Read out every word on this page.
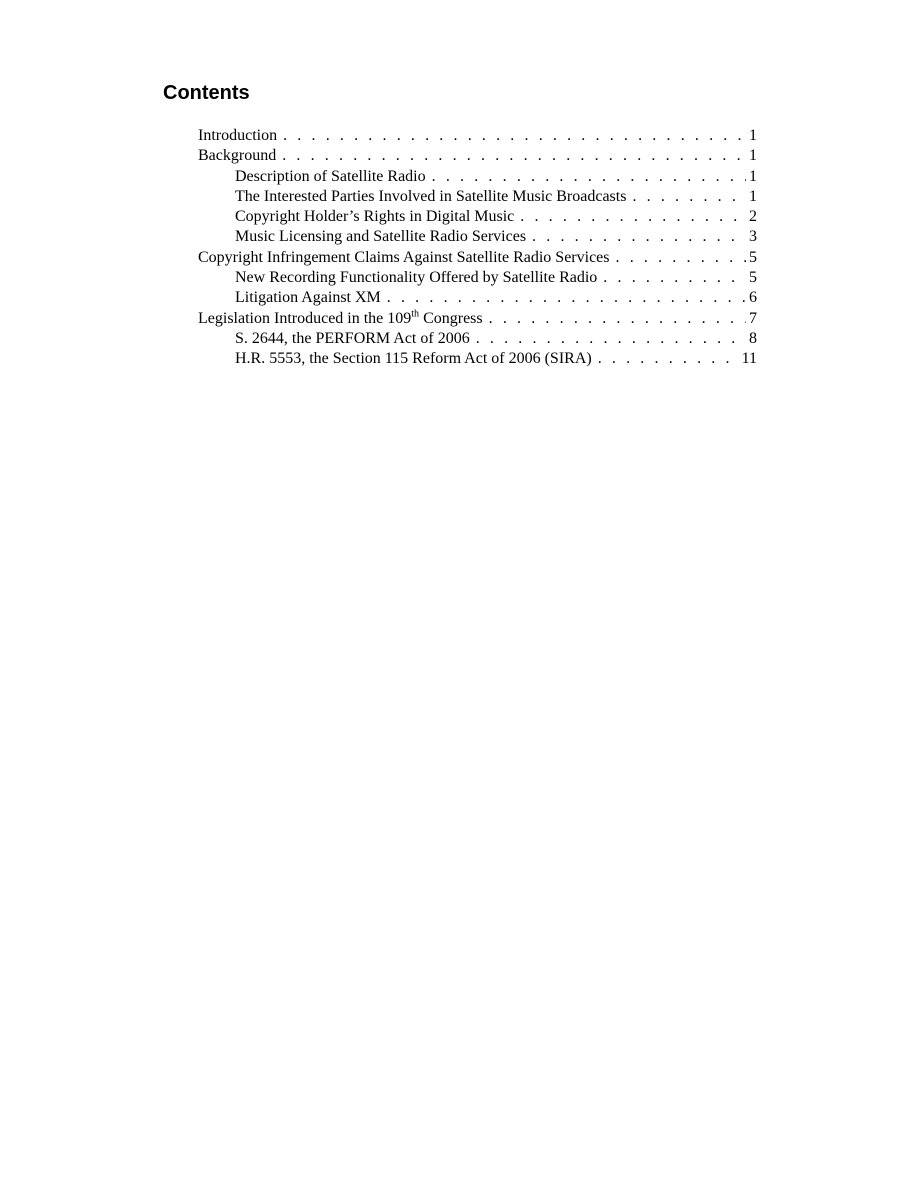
Contents
Introduction . . .	1
Background . . .	1
Description of Satellite Radio . . .	1
The Interested Parties Involved in Satellite Music Broadcasts . . .	1
Copyright Holder’s Rights in Digital Music . . .	2
Music Licensing and Satellite Radio Services . . .	3
Copyright Infringement Claims Against Satellite Radio Services . . .	5
New Recording Functionality Offered by Satellite Radio . . .	5
Litigation Against XM . . .	6
Legislation Introduced in the 109th Congress . . .	7
S. 2644, the PERFORM Act of 2006 . . .	8
H.R. 5553, the Section 115 Reform Act of 2006 (SIRA) . . .	11
